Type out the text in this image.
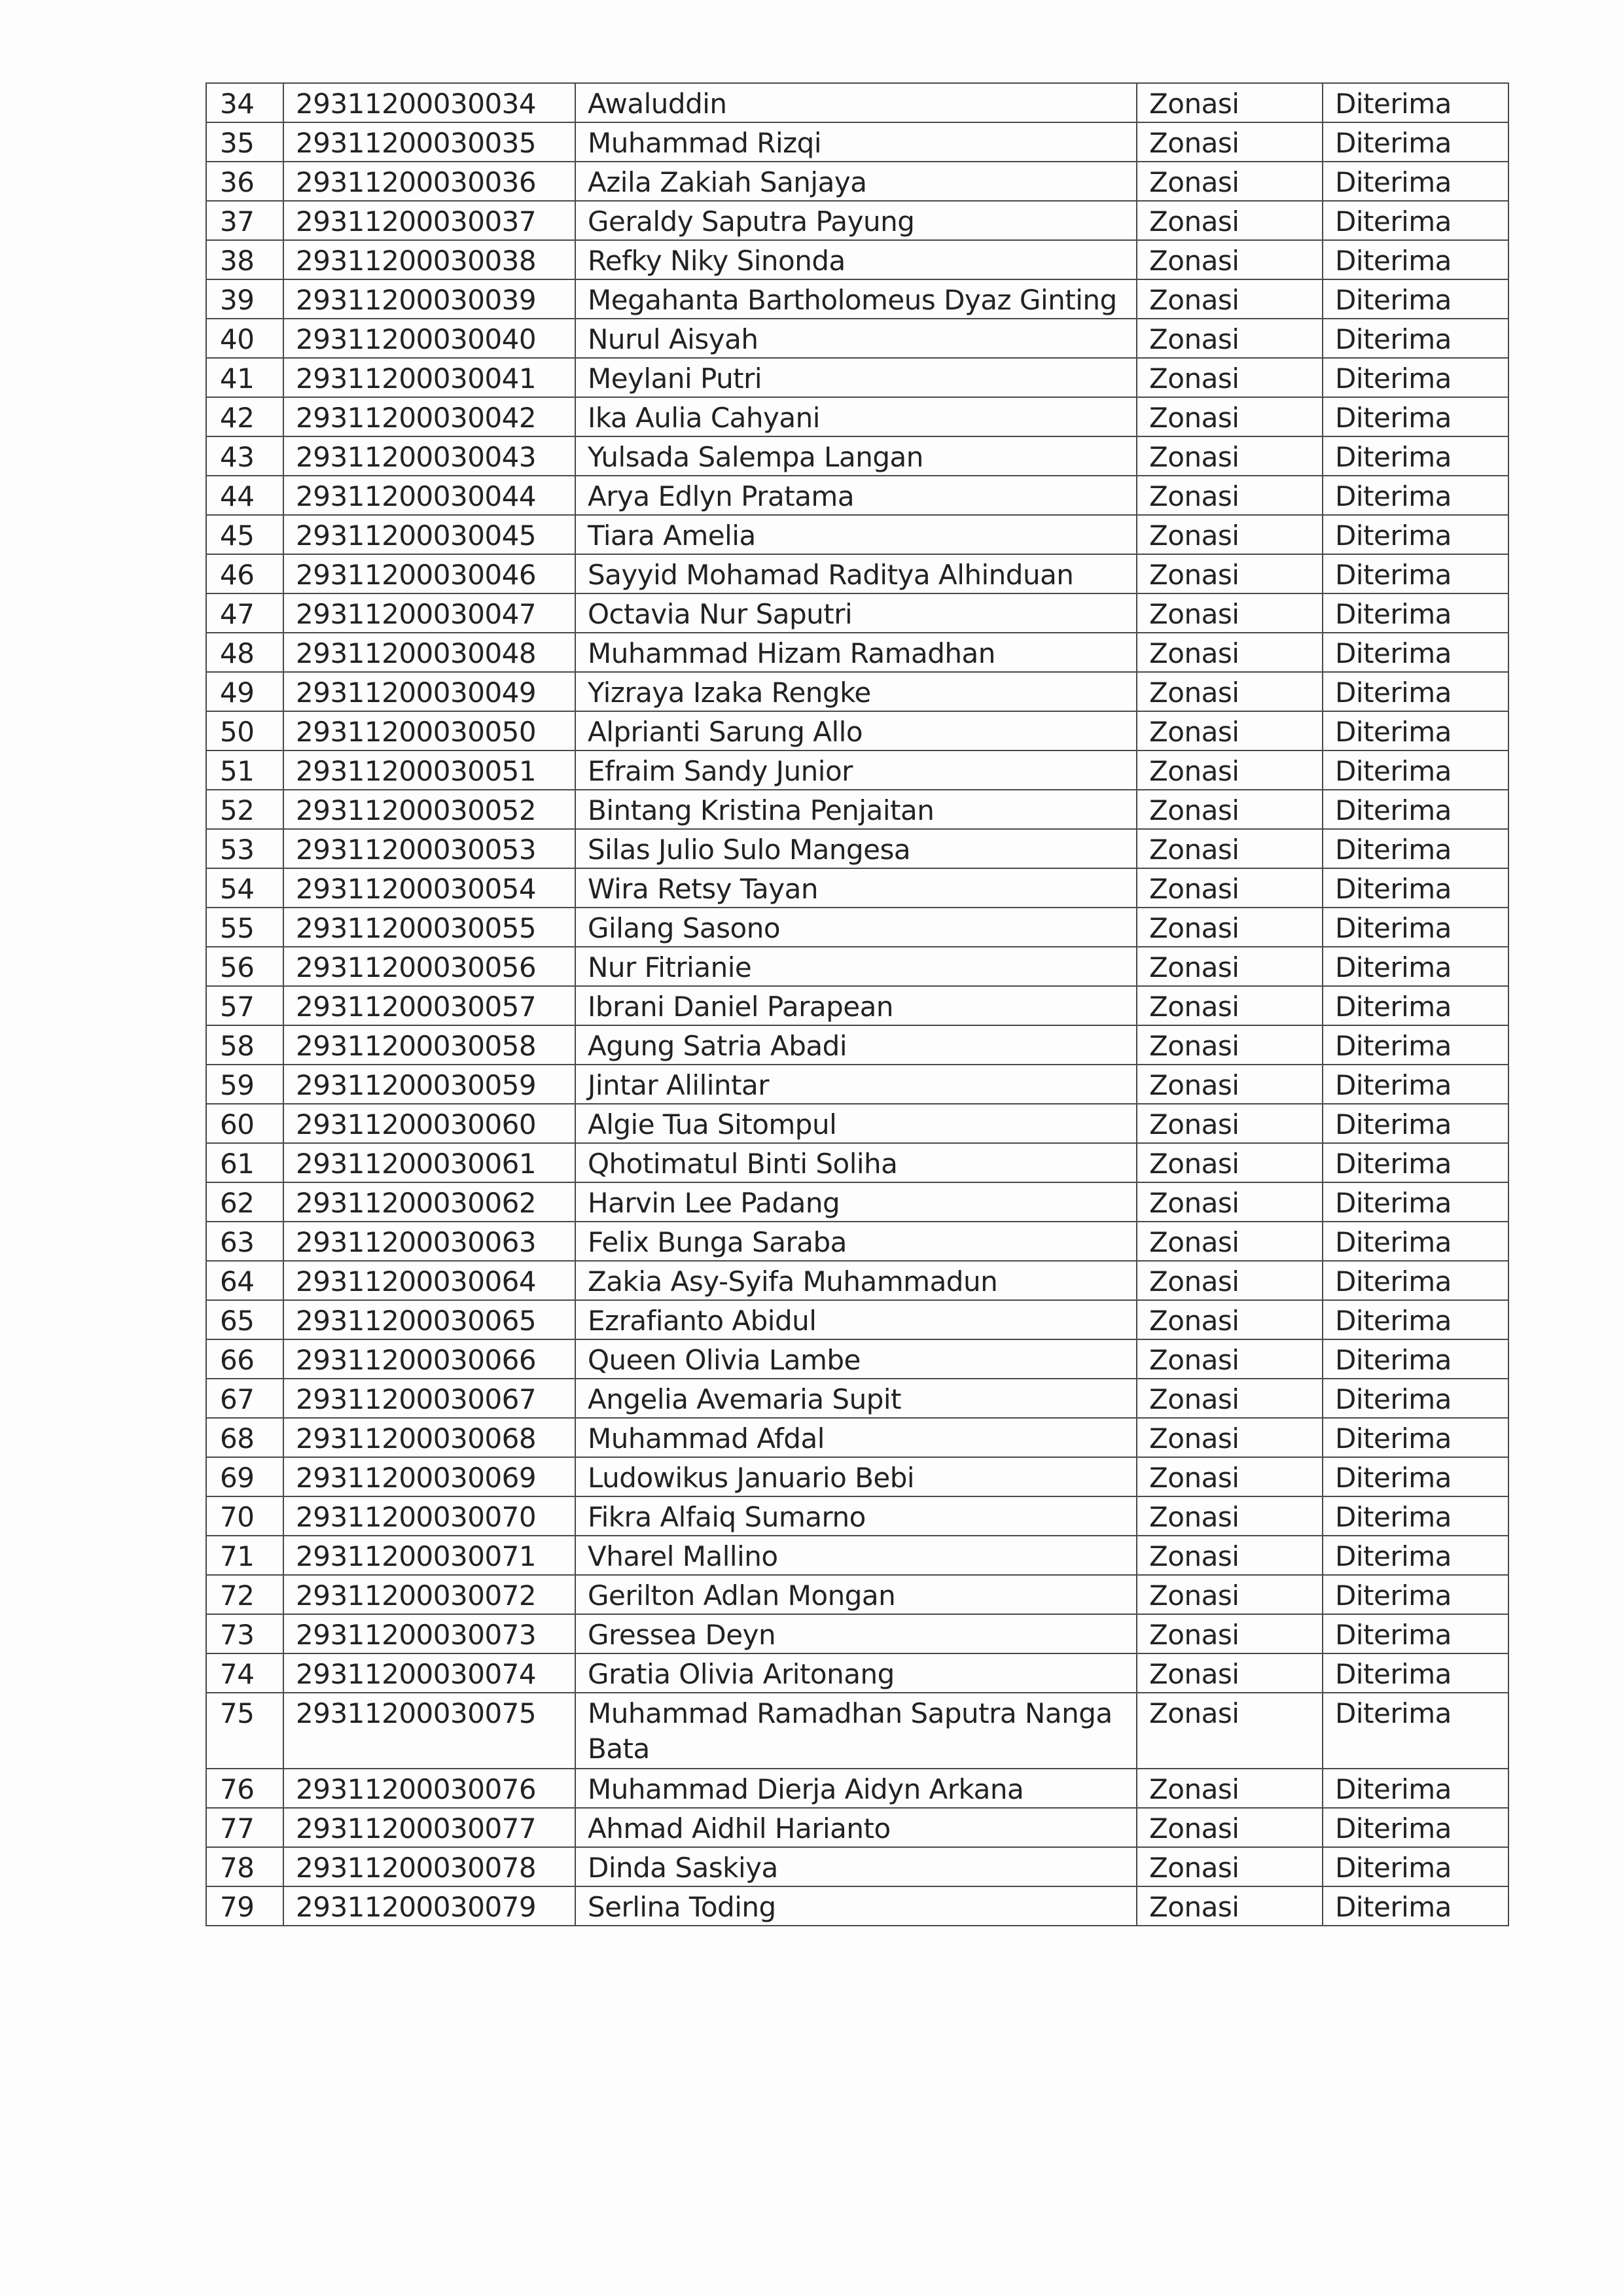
34	29311200030034	Awaluddin	Zonasi	Diterima
35	29311200030035	Muhammad Rizqi	Zonasi	Diterima
36	29311200030036	Azila Zakiah Sanjaya	Zonasi	Diterima
37	29311200030037	Geraldy Saputra Payung	Zonasi	Diterima
38	29311200030038	Refky Niky Sinonda	Zonasi	Diterima
39	29311200030039	Megahanta Bartholomeus Dyaz Ginting	Zonasi	Diterima
40	29311200030040	Nurul Aisyah	Zonasi	Diterima
41	29311200030041	Meylani Putri	Zonasi	Diterima
42	29311200030042	Ika Aulia Cahyani	Zonasi	Diterima
43	29311200030043	Yulsada Salempa Langan	Zonasi	Diterima
44	29311200030044	Arya Edlyn Pratama	Zonasi	Diterima
45	29311200030045	Tiara Amelia	Zonasi	Diterima
46	29311200030046	Sayyid Mohamad Raditya Alhinduan	Zonasi	Diterima
47	29311200030047	Octavia Nur Saputri	Zonasi	Diterima
48	29311200030048	Muhammad Hizam Ramadhan	Zonasi	Diterima
49	29311200030049	Yizraya Izaka Rengke	Zonasi	Diterima
50	29311200030050	Alprianti Sarung Allo	Zonasi	Diterima
51	29311200030051	Efraim Sandy Junior	Zonasi	Diterima
52	29311200030052	Bintang Kristina Penjaitan	Zonasi	Diterima
53	29311200030053	Silas Julio Sulo Mangesa	Zonasi	Diterima
54	29311200030054	Wira Retsy Tayan	Zonasi	Diterima
55	29311200030055	Gilang Sasono	Zonasi	Diterima
56	29311200030056	Nur Fitrianie	Zonasi	Diterima
57	29311200030057	Ibrani Daniel Parapean	Zonasi	Diterima
58	29311200030058	Agung Satria Abadi	Zonasi	Diterima
59	29311200030059	Jintar Alilintar	Zonasi	Diterima
60	29311200030060	Algie Tua Sitompul	Zonasi	Diterima
61	29311200030061	Qhotimatul Binti Soliha	Zonasi	Diterima
62	29311200030062	Harvin Lee Padang	Zonasi	Diterima
63	29311200030063	Felix Bunga Saraba	Zonasi	Diterima
64	29311200030064	Zakia Asy-Syifa Muhammadun	Zonasi	Diterima
65	29311200030065	Ezrafianto Abidul	Zonasi	Diterima
66	29311200030066	Queen Olivia Lambe	Zonasi	Diterima
67	29311200030067	Angelia Avemaria Supit	Zonasi	Diterima
68	29311200030068	Muhammad Afdal	Zonasi	Diterima
69	29311200030069	Ludowikus Januario Bebi	Zonasi	Diterima
70	29311200030070	Fikra Alfaiq Sumarno	Zonasi	Diterima
71	29311200030071	Vharel Mallino	Zonasi	Diterima
72	29311200030072	Gerilton Adlan Mongan	Zonasi	Diterima
73	29311200030073	Gressea Deyn	Zonasi	Diterima
74	29311200030074	Gratia Olivia Aritonang	Zonasi	Diterima
75	29311200030075	Muhammad Ramadhan Saputra Nanga Bata	Zonasi	Diterima
76	29311200030076	Muhammad Dierja Aidyn Arkana	Zonasi	Diterima
77	29311200030077	Ahmad Aidhil Harianto	Zonasi	Diterima
78	29311200030078	Dinda Saskiya	Zonasi	Diterima
79	29311200030079	Serlina Toding	Zonasi	Diterima
